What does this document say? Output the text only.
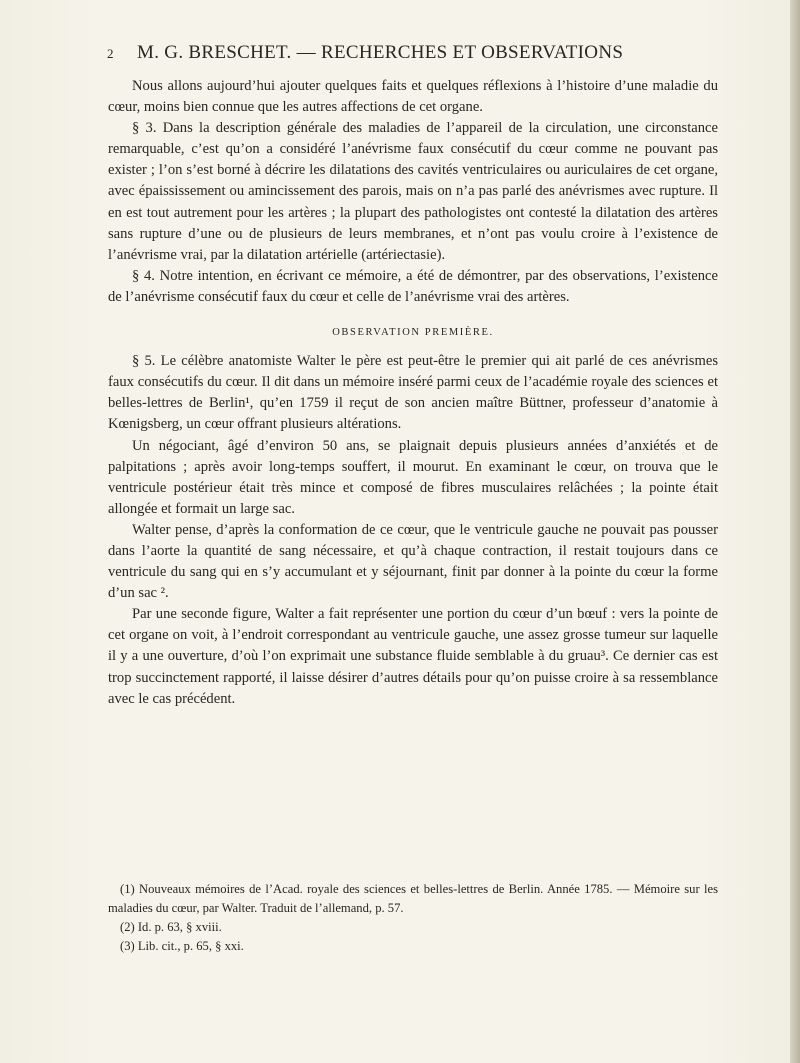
2 M. G. BRESCHET. — RECHERCHES ET OBSERVATIONS

Nous allons aujourd’hui ajouter quelques faits et quelques réflexions à l’histoire d’une maladie du cœur, moins bien connue que les autres affections de cet organe.

§ 3. Dans la description générale des maladies de l’appareil de la circulation, une circonstance remarquable, c’est qu’on a considéré l’anévrisme faux consécutif du cœur comme ne pouvant pas exister ; l’on s’est borné à décrire les dilatations des cavités ventriculaires ou auriculaires de cet organe, avec épaississement ou amincissement des parois, mais on n’a pas parlé des anévrismes avec rupture. Il en est tout autrement pour les artères ; la plupart des pathologistes ont contesté la dilatation des artères sans rupture d’une ou de plusieurs de leurs membranes, et n’ont pas voulu croire à l’existence de l’anévrisme vrai, par la dilatation artérielle (artériectasie).

§ 4. Notre intention, en écrivant ce mémoire, a été de démontrer, par des observations, l’existence de l’anévrisme consécutif faux du cœur et celle de l’anévrisme vrai des artères.

OBSERVATION PREMIÈRE.

§ 5. Le célèbre anatomiste Walter le père est peut-être le premier qui ait parlé de ces anévrismes faux consécutifs du cœur. Il dit dans un mémoire inséré parmi ceux de l’académie royale des sciences et belles-lettres de Berlin¹, qu’en 1759 il reçut de son ancien maître Büttner, professeur d’anatomie à Kœnigsberg, un cœur offrant plusieurs altérations.

Un négociant, âgé d’environ 50 ans, se plaignait depuis plusieurs années d’anxiétés et de palpitations ; après avoir long-temps souffert, il mourut. En examinant le cœur, on trouva que le ventricule postérieur était très mince et composé de fibres musculaires relâchées ; la pointe était allongée et formait un large sac.

Walter pense, d’après la conformation de ce cœur, que le ventricule gauche ne pouvait pas pousser dans l’aorte la quantité de sang nécessaire, et qu’à chaque contraction, il restait toujours dans ce ventricule du sang qui en s’y accumulant et y séjournant, finit par donner à la pointe du cœur la forme d’un sac ².

Par une seconde figure, Walter a fait représenter une portion du cœur d’un bœuf : vers la pointe de cet organe on voit, à l’endroit correspondant au ventricule gauche, une assez grosse tumeur sur laquelle il y a une ouverture, d’où l’on exprimait une substance fluide semblable à du gruau³. Ce dernier cas est trop succinctement rapporté, il laisse désirer d’autres détails pour qu’on puisse croire à sa ressemblance avec le cas précédent.

(1) Nouveaux mémoires de l’Acad. royale des sciences et belles-lettres de Berlin. Année 1785. — Mémoire sur les maladies du cœur, par Walter. Traduit de l’allemand, p. 57.

(2) Id. p. 63, § xviii.

(3) Lib. cit., p. 65, § xxi.
